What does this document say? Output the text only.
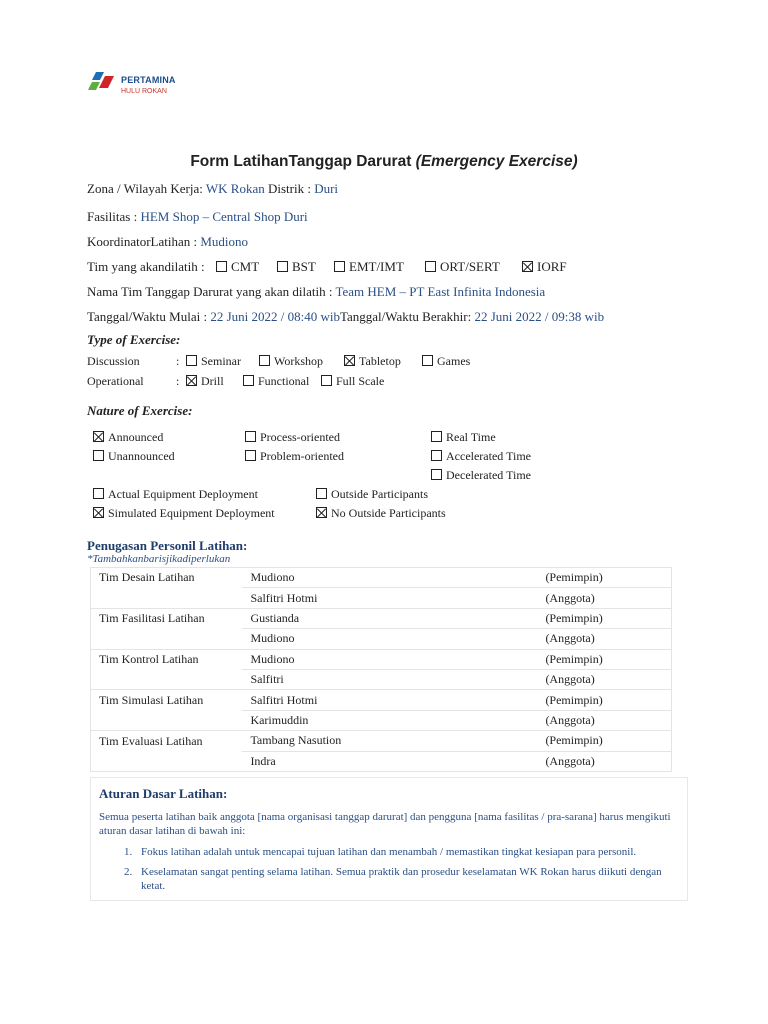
PERTAMINA
HULU ROKAN
Form LatihanTanggap Darurat (Emergency Exercise)
Zona / Wilayah Kerja: WK Rokan Distrik : Duri
Fasilitas : HEM Shop – Central Shop Duri
KoordinatorLatihan : Mudiono
Tim yang akandilatih :	CMT	BST	EMT/IMT	ORT/SERT	IORF
Nama Tim Tanggap Darurat yang akan dilatih : Team HEM – PT East Infinita Indonesia
Tanggal/Waktu Mulai : 22 Juni 2022 / 08:40 wibTanggal/Waktu Berakhir: 22 Juni 2022 / 09:38 wib
Type of Exercise:
Discussion	:	Seminar	Workshop	Tabletop	Games
Operational	:	Drill	Functional	Full Scale
Nature of Exercise:
Announced
Unannounced
Process-oriented
Problem-oriented
Real Time
Accelerated Time
Decelerated Time
Actual Equipment Deployment
Simulated Equipment Deployment
Outside Participants
No Outside Participants
Penugasan Personil Latihan:
*Tambahkanbarisjikadiperlukan
Tim Desain Latihan	Mudiono	(Pemimpin)
	Salfitri Hotmi	(Anggota)
Tim Fasilitasi Latihan	Gustianda	(Pemimpin)
	Mudiono	(Anggota)
Tim Kontrol Latihan	Mudiono	(Pemimpin)
	Salfitri	(Anggota)
Tim Simulasi Latihan	Salfitri Hotmi	(Pemimpin)
	Karimuddin	(Anggota)
Tim Evaluasi Latihan	Tambang Nasution	(Pemimpin)
	Indra	(Anggota)
Aturan Dasar Latihan:
Semua peserta latihan baik anggota [nama organisasi tanggap darurat] dan pengguna [nama fasilitas / pra-sarana] harus mengikuti aturan dasar latihan di bawah ini:
1. Fokus latihan adalah untuk mencapai tujuan latihan dan menambah / memastikan tingkat kesiapan para personil.
2. Keselamatan sangat penting selama latihan. Semua praktik dan prosedur keselamatan WK Rokan harus diikuti dengan ketat.
